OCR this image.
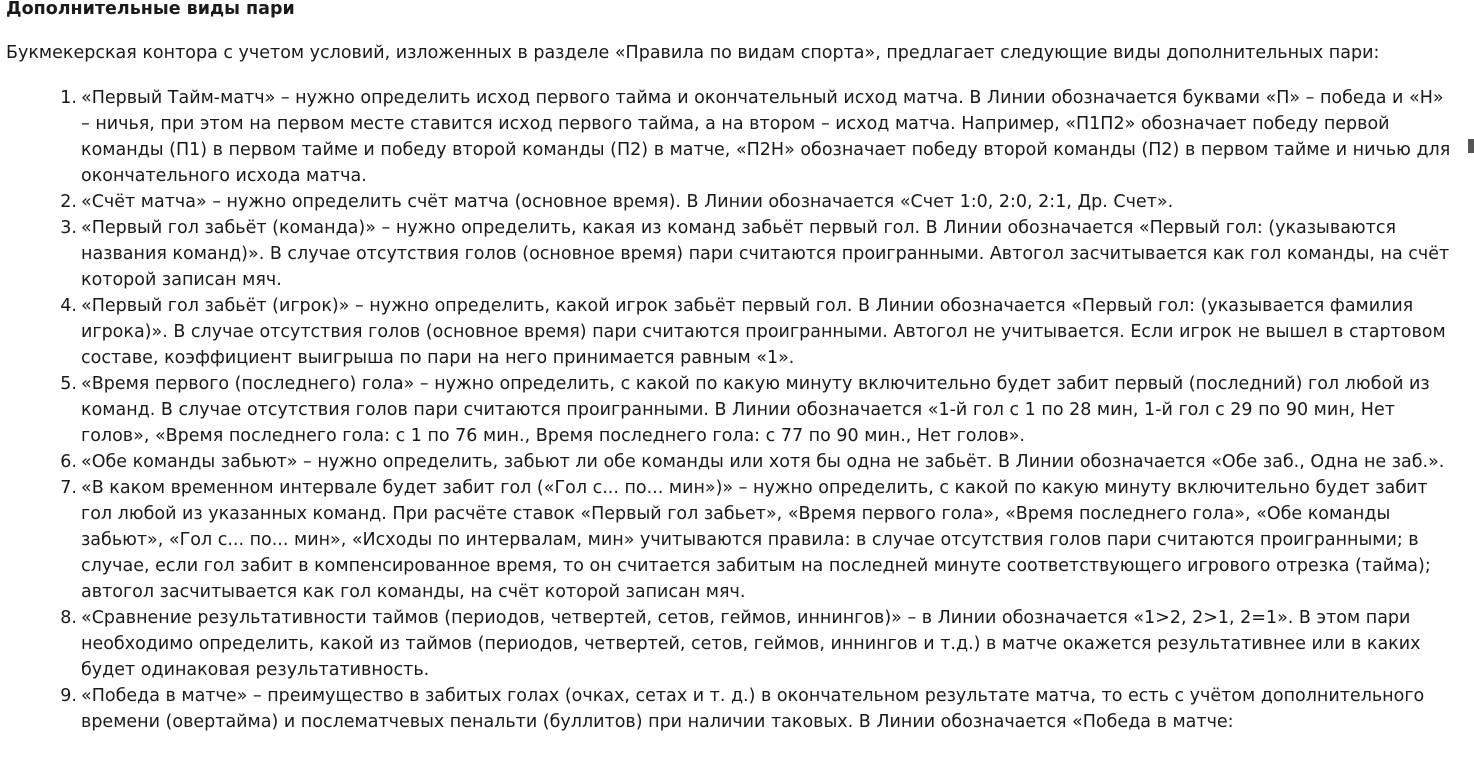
Дополнительные виды пари

Букмекерская контора с учетом условий, изложенных в разделе «Правила по видам спорта», предлагает следующие виды дополнительных пари:

1. «Первый Тайм-матч» – нужно определить исход первого тайма и окончательный исход матча. В Линии обозначается буквами «П» – победа и «Н» – ничья, при этом на первом месте ставится исход первого тайма, а на втором – исход матча. Например, «П1П2» обозначает победу первой команды (П1) в первом тайме и победу второй команды (П2) в матче, «П2Н» обозначает победу второй команды (П2) в первом тайме и ничью для окончательного исхода матча.
2. «Счёт матча» – нужно определить счёт матча (основное время). В Линии обозначается «Счет 1:0, 2:0, 2:1, Др. Счет».
3. «Первый гол забьёт (команда)» – нужно определить, какая из команд забьёт первый гол. В Линии обозначается «Первый гол: (указываются названия команд)». В случае отсутствия голов (основное время) пари считаются проигранными. Автогол засчитывается как гол команды, на счёт которой записан мяч.
4. «Первый гол забьёт (игрок)» – нужно определить, какой игрок забьёт первый гол. В Линии обозначается «Первый гол: (указывается фамилия игрока)». В случае отсутствия голов (основное время) пари считаются проигранными. Автогол не учитывается. Если игрок не вышел в стартовом составе, коэффициент выигрыша по пари на него принимается равным «1».
5. «Время первого (последнего) гола» – нужно определить, с какой по какую минуту включительно будет забит первый (последний) гол любой из команд. В случае отсутствия голов пари считаются проигранными. В Линии обозначается «1-й гол с 1 по 28 мин, 1-й гол с 29 по 90 мин, Нет голов», «Время последнего гола: с 1 по 76 мин., Время последнего гола: с 77 по 90 мин., Нет голов».
6. «Обе команды забьют» – нужно определить, забьют ли обе команды или хотя бы одна не забьёт. В Линии обозначается «Обе заб., Одна не заб.».
7. «В каком временном интервале будет забит гол («Гол с... по... мин»)» – нужно определить, с какой по какую минуту включительно будет забит гол любой из указанных команд. При расчёте ставок «Первый гол забьет», «Время первого гола», «Время последнего гола», «Обе команды забьют», «Гол с... по... мин», «Исходы по интервалам, мин» учитываются правила: в случае отсутствия голов пари считаются проигранными; в случае, если гол забит в компенсированное время, то он считается забитым на последней минуте соответствующего игрового отрезка (тайма); автогол засчитывается как гол команды, на счёт которой записан мяч.
8. «Сравнение результативности таймов (периодов, четвертей, сетов, геймов, иннингов)» – в Линии обозначается «1>2, 2>1, 2=1». В этом пари необходимо определить, какой из таймов (периодов, четвертей, сетов, геймов, иннингов и т.д.) в матче окажется результативнее или в каких будет одинаковая результативность.
9. «Победа в матче» – преимущество в забитых голах (очках, сетах и т. д.) в окончательном результате матча, то есть с учётом дополнительного времени (овертайма) и послематчевых пенальти (буллитов) при наличии таковых. В Линии обозначается «Победа в матче:
